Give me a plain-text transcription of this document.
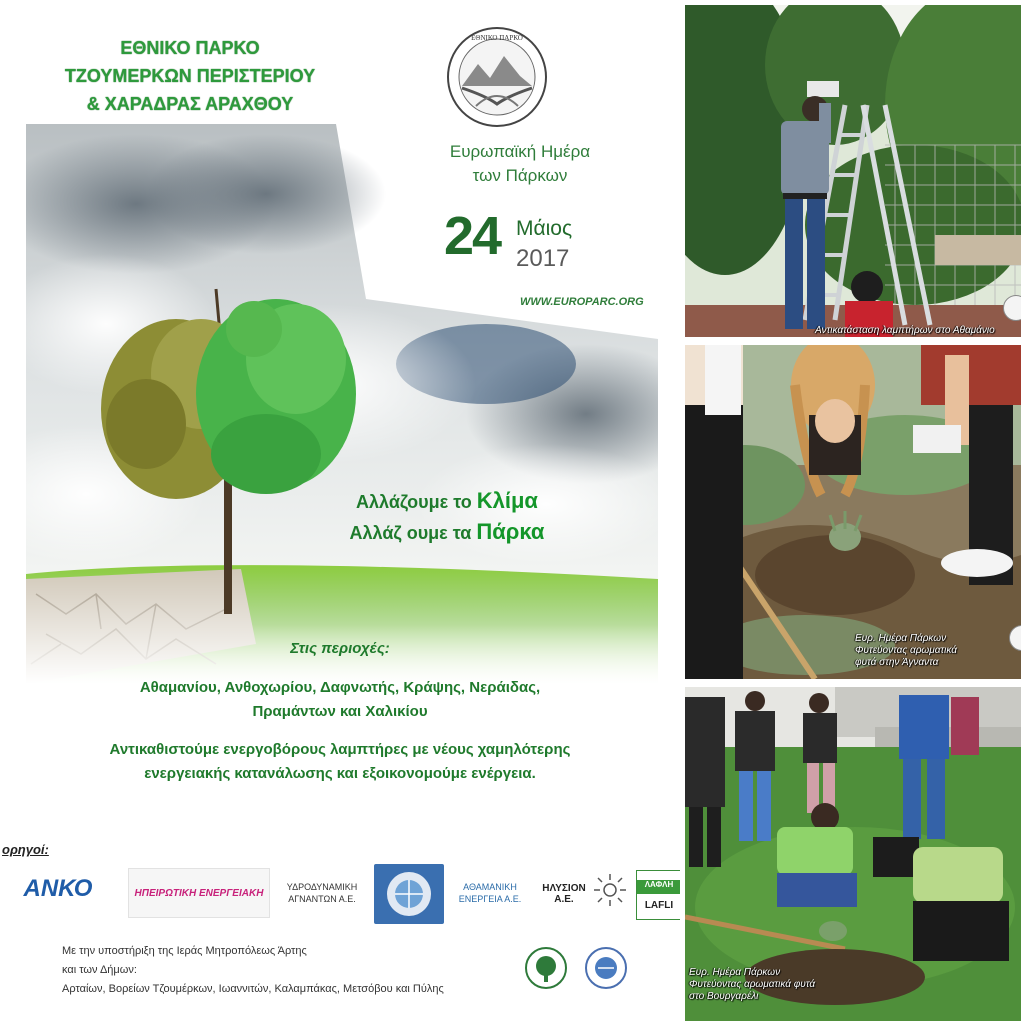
ΕΘΝΙΚΟ ΠΑΡΚΟ
ΤΖΟΥΜΕΡΚΩΝ ΠΕΡΙΣΤΕΡΙΟΥ
& ΧΑΡΑΔΡΑΣ ΑΡΑΧΘΟΥ
ΕΘΝΙΚΟ ΠΑΡΚΟ
Ευρωπαϊκή Ημέρα
των Πάρκων
24 Μάιος
2017
WWW.EUROPARC.ORG
Αλλάζουμε το Κλίμα
Αλλάζ ουμε τα Πάρκα
Στις περιοχές:
Αθαμανίου, Ανθοχωρίου, Δαφνωτής, Κράψης, Νεράιδας,
Πραμάντων και Χαλικίου
Αντικαθιστούμε ενεργοβόρους λαμπτήρες με νέους χαμηλότερης
ενεργειακής κατανάλωσης και εξοικονομούμε ενέργεια.
ορηγοί:
ΑΝΚΟ	ΗΠΕΙΡΩΤΙΚΗ ΕΝΕΡΓΕΙΑΚΗ
ΥΔΡΟΔΥΝΑΜΙΚΗ
ΑΓΝΑΝΤΩΝ Α.Ε.
ΑΘΑΜΑΝΙΚΗ
ΕΝΕΡΓΕΙΑ Α.Ε.
ΗΛΥΣΙΟΝ Α.Ε.
ΛΑΦΛΗ
LAFLI
Με την υποστήριξη της Ιεράς Μητροπόλεως Άρτης
και των Δήμων:
Αρταίων, Βορείων Τζουμέρκων, Ιωαννιτών, Καλαμπάκας, Μετσόβου και Πύλης
Αντικατάσταση λαμπτήρων στο Αθαμάνιο
Ευρ. Ημέρα Πάρκων
Φυτεύοντας αρωματικά
φυτά στην Άγναντα
Ευρ. Ημέρα Πάρκων
Φυτεύοντας αρωματικά φυτά
στο Βουργαρέλι
